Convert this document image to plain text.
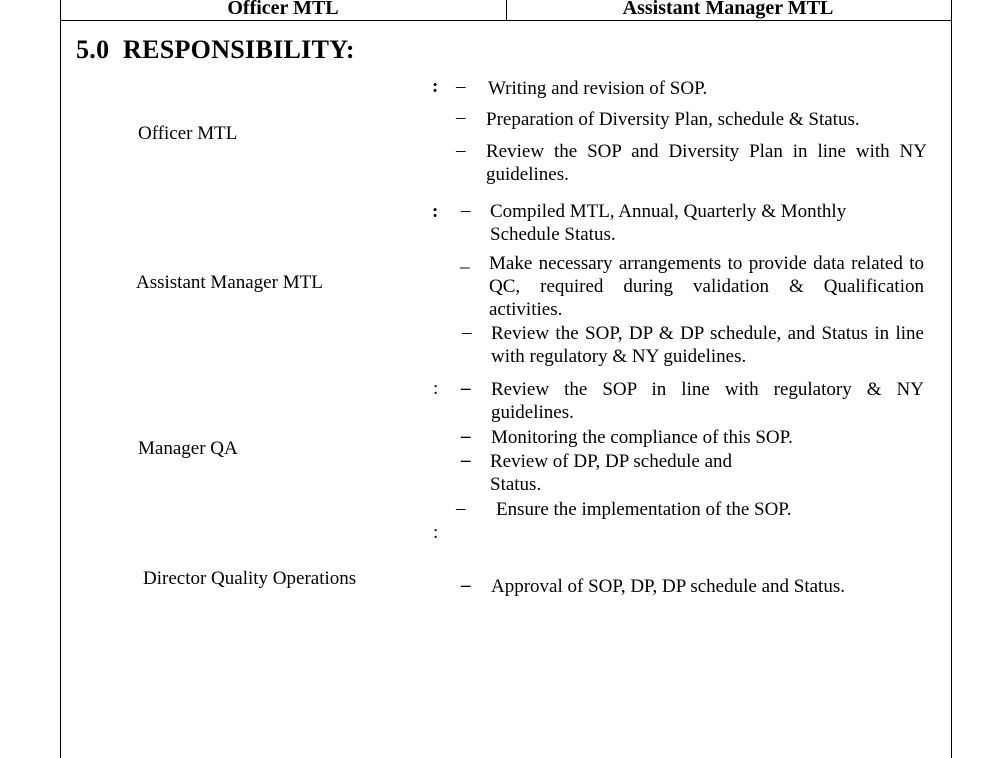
Officer MTL	Assistant Manager MTL
5.0 RESPONSIBILITY:
Officer MTL
: – Writing and revision of SOP.
– Preparation of Diversity Plan, schedule & Status.
– Review the SOP and Diversity Plan in line with NY guidelines.
Assistant Manager MTL
: – Compiled MTL, Annual, Quarterly & Monthly Schedule Status.
_ Make necessary arrangements to provide data related to QC, required during validation & Qualification activities.
– Review the SOP, DP & DP schedule, and Status in line with regulatory & NY guidelines.
Manager QA
: – Review the SOP in line with regulatory & NY guidelines.
– Monitoring the compliance of this SOP.
– Review of DP, DP schedule and Status.
– Ensure the implementation of the SOP.
:
Director Quality Operations	– Approval of SOP, DP, DP schedule and Status.
